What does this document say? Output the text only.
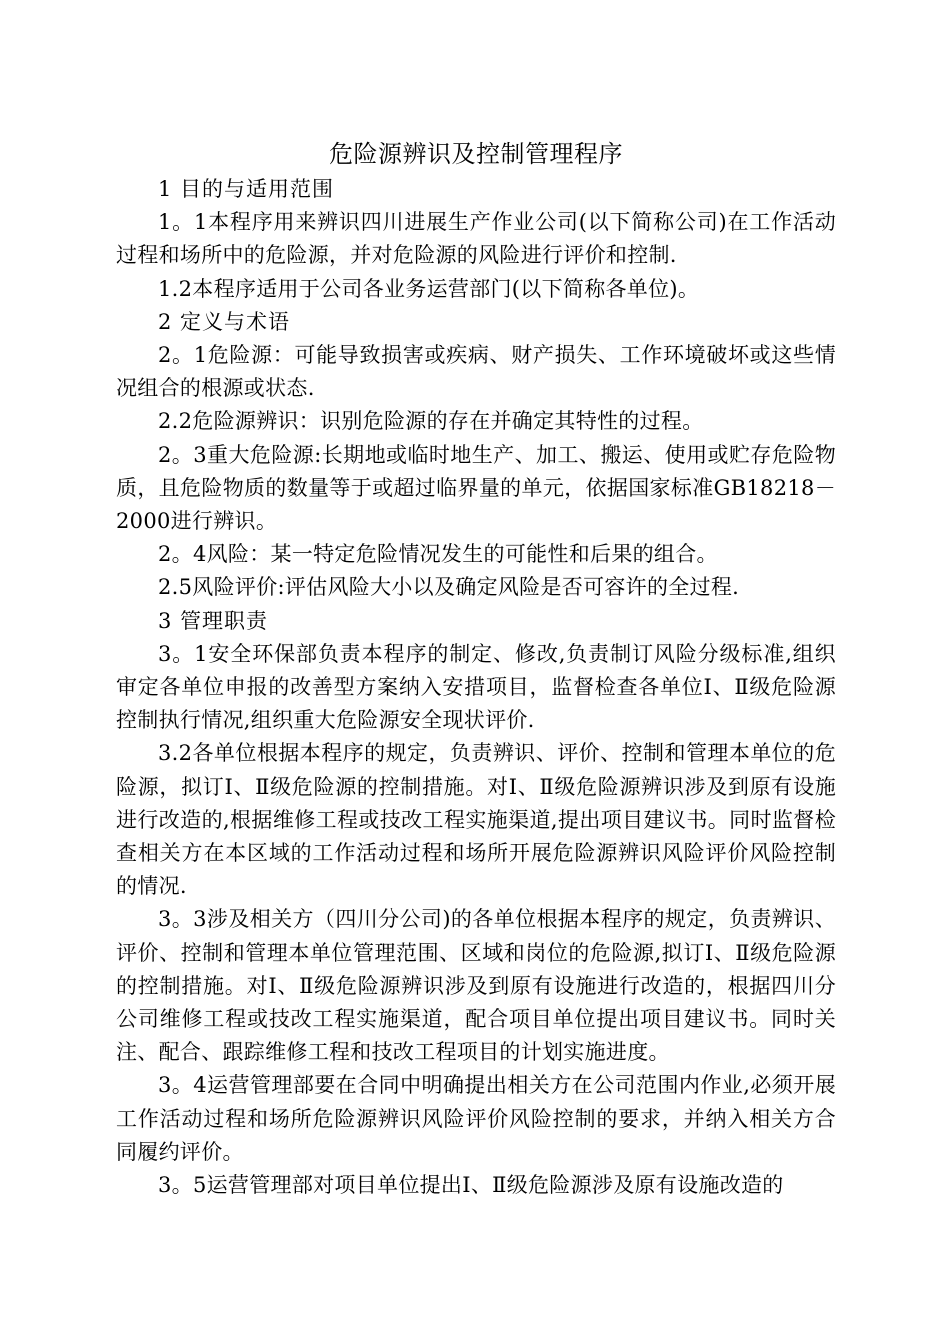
危险源辨识及控制管理程序

1 目的与适用范围

1。1本程序用来辨识四川进展生产作业公司(以下简称公司)在工作活动过程和场所中的危险源，并对危险源的风险进行评价和控制.

1.2本程序适用于公司各业务运营部门(以下简称各单位)。

2 定义与术语

2。1危险源：可能导致损害或疾病、财产损失、工作环境破坏或这些情况组合的根源或状态.

2.2危险源辨识：识别危险源的存在并确定其特性的过程。

2。3重大危险源:长期地或临时地生产、加工、搬运、使用或贮存危险物质，且危险物质的数量等于或超过临界量的单元，依据国家标准GB18218－2000进行辨识。

2。4风险：某一特定危险情况发生的可能性和后果的组合。

2.5风险评价:评估风险大小以及确定风险是否可容许的全过程.

3 管理职责

3。1安全环保部负责本程序的制定、修改,负责制订风险分级标准,组织审定各单位申报的改善型方案纳入安措项目，监督检查各单位Ⅰ、Ⅱ级危险源控制执行情况,组织重大危险源安全现状评价.

3.2各单位根据本程序的规定，负责辨识、评价、控制和管理本单位的危险源，拟订Ⅰ、Ⅱ级危险源的控制措施。对Ⅰ、Ⅱ级危险源辨识涉及到原有设施进行改造的,根据维修工程或技改工程实施渠道,提出项目建议书。同时监督检查相关方在本区域的工作活动过程和场所开展危险源辨识风险评价风险控制的情况.

3。3涉及相关方（四川分公司)的各单位根据本程序的规定，负责辨识、评价、控制和管理本单位管理范围、区域和岗位的危险源,拟订Ⅰ、Ⅱ级危险源的控制措施。对Ⅰ、Ⅱ级危险源辨识涉及到原有设施进行改造的，根据四川分公司维修工程或技改工程实施渠道，配合项目单位提出项目建议书。同时关注、配合、跟踪维修工程和技改工程项目的计划实施进度。

3。4运营管理部要在合同中明确提出相关方在公司范围内作业,必须开展工作活动过程和场所危险源辨识风险评价风险控制的要求，并纳入相关方合同履约评价。

3。5运营管理部对项目单位提出Ⅰ、Ⅱ级危险源涉及原有设施改造的
